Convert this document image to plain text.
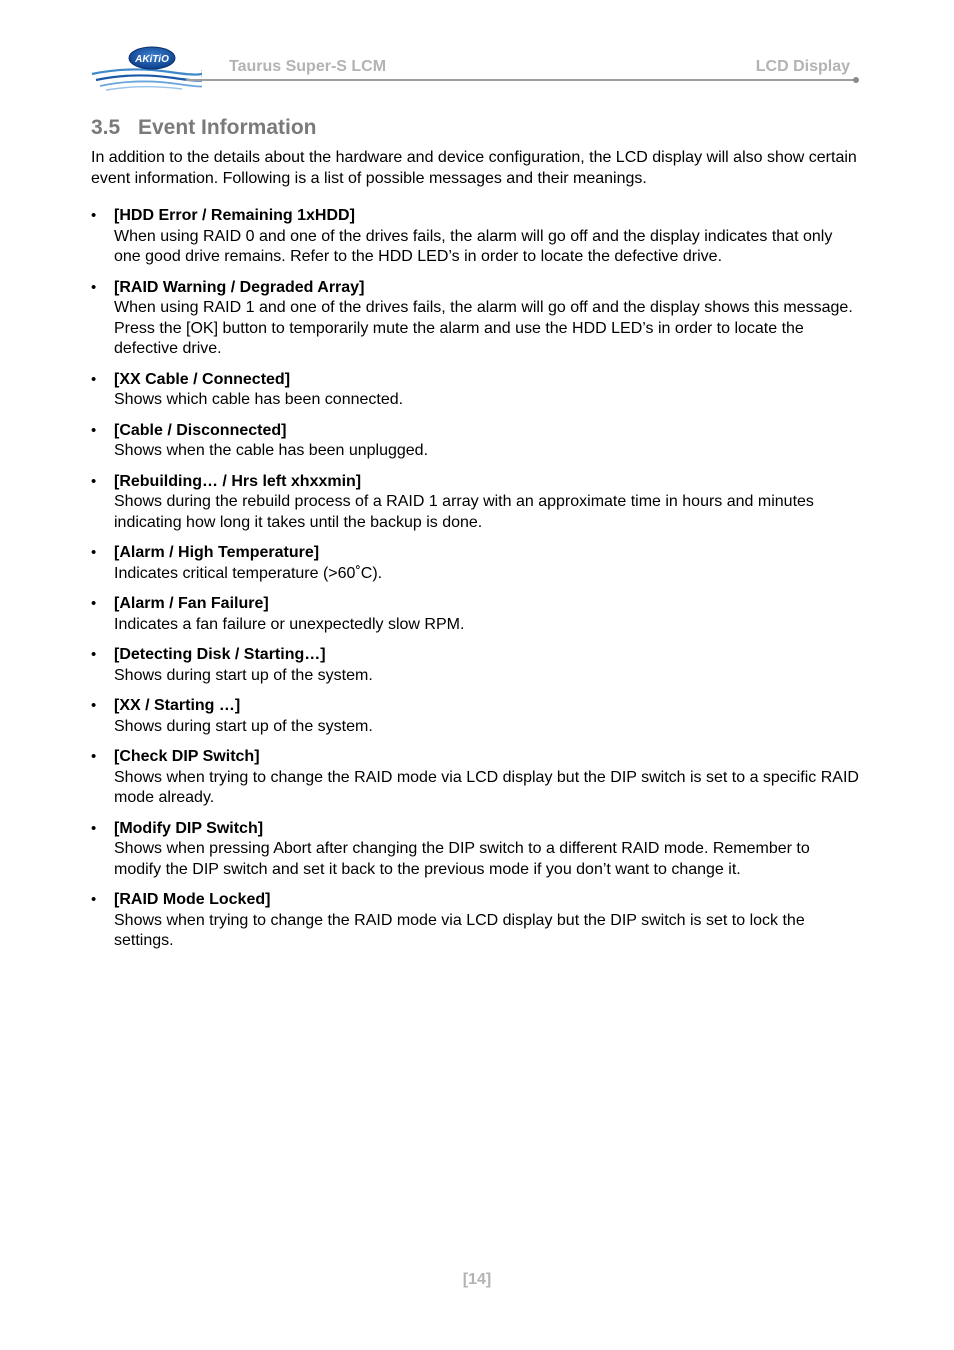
AKiTiO	Taurus Super-S LCM	LCD Display
3.5 Event Information

In addition to the details about the hardware and device configuration, the LCD display will also show certain event information. Following is a list of possible messages and their meanings.

• [HDD Error / Remaining 1xHDD]
When using RAID 0 and one of the drives fails, the alarm will go off and the display indicates that only one good drive remains. Refer to the HDD LED’s in order to locate the defective drive.
• [RAID Warning / Degraded Array]
When using RAID 1 and one of the drives fails, the alarm will go off and the display shows this message. Press the [OK] button to temporarily mute the alarm and use the HDD LED’s in order to locate the defective drive.
• [XX Cable / Connected]
Shows which cable has been connected.
• [Cable / Disconnected]
Shows when the cable has been unplugged.
• [Rebuilding… / Hrs left xhxxmin]
Shows during the rebuild process of a RAID 1 array with an approximate time in hours and minutes indicating how long it takes until the backup is done.
• [Alarm / High Temperature]
Indicates critical temperature (>60˚C).
• [Alarm / Fan Failure]
Indicates a fan failure or unexpectedly slow RPM.
• [Detecting Disk / Starting…]
Shows during start up of the system.
• [XX / Starting …]
Shows during start up of the system.
• [Check DIP Switch]
Shows when trying to change the RAID mode via LCD display but the DIP switch is set to a specific RAID mode already.
• [Modify DIP Switch]
Shows when pressing Abort after changing the DIP switch to a different RAID mode. Remember to modify the DIP switch and set it back to the previous mode if you don’t want to change it.
• [RAID Mode Locked]
Shows when trying to change the RAID mode via LCD display but the DIP switch is set to lock the settings.
[14]
